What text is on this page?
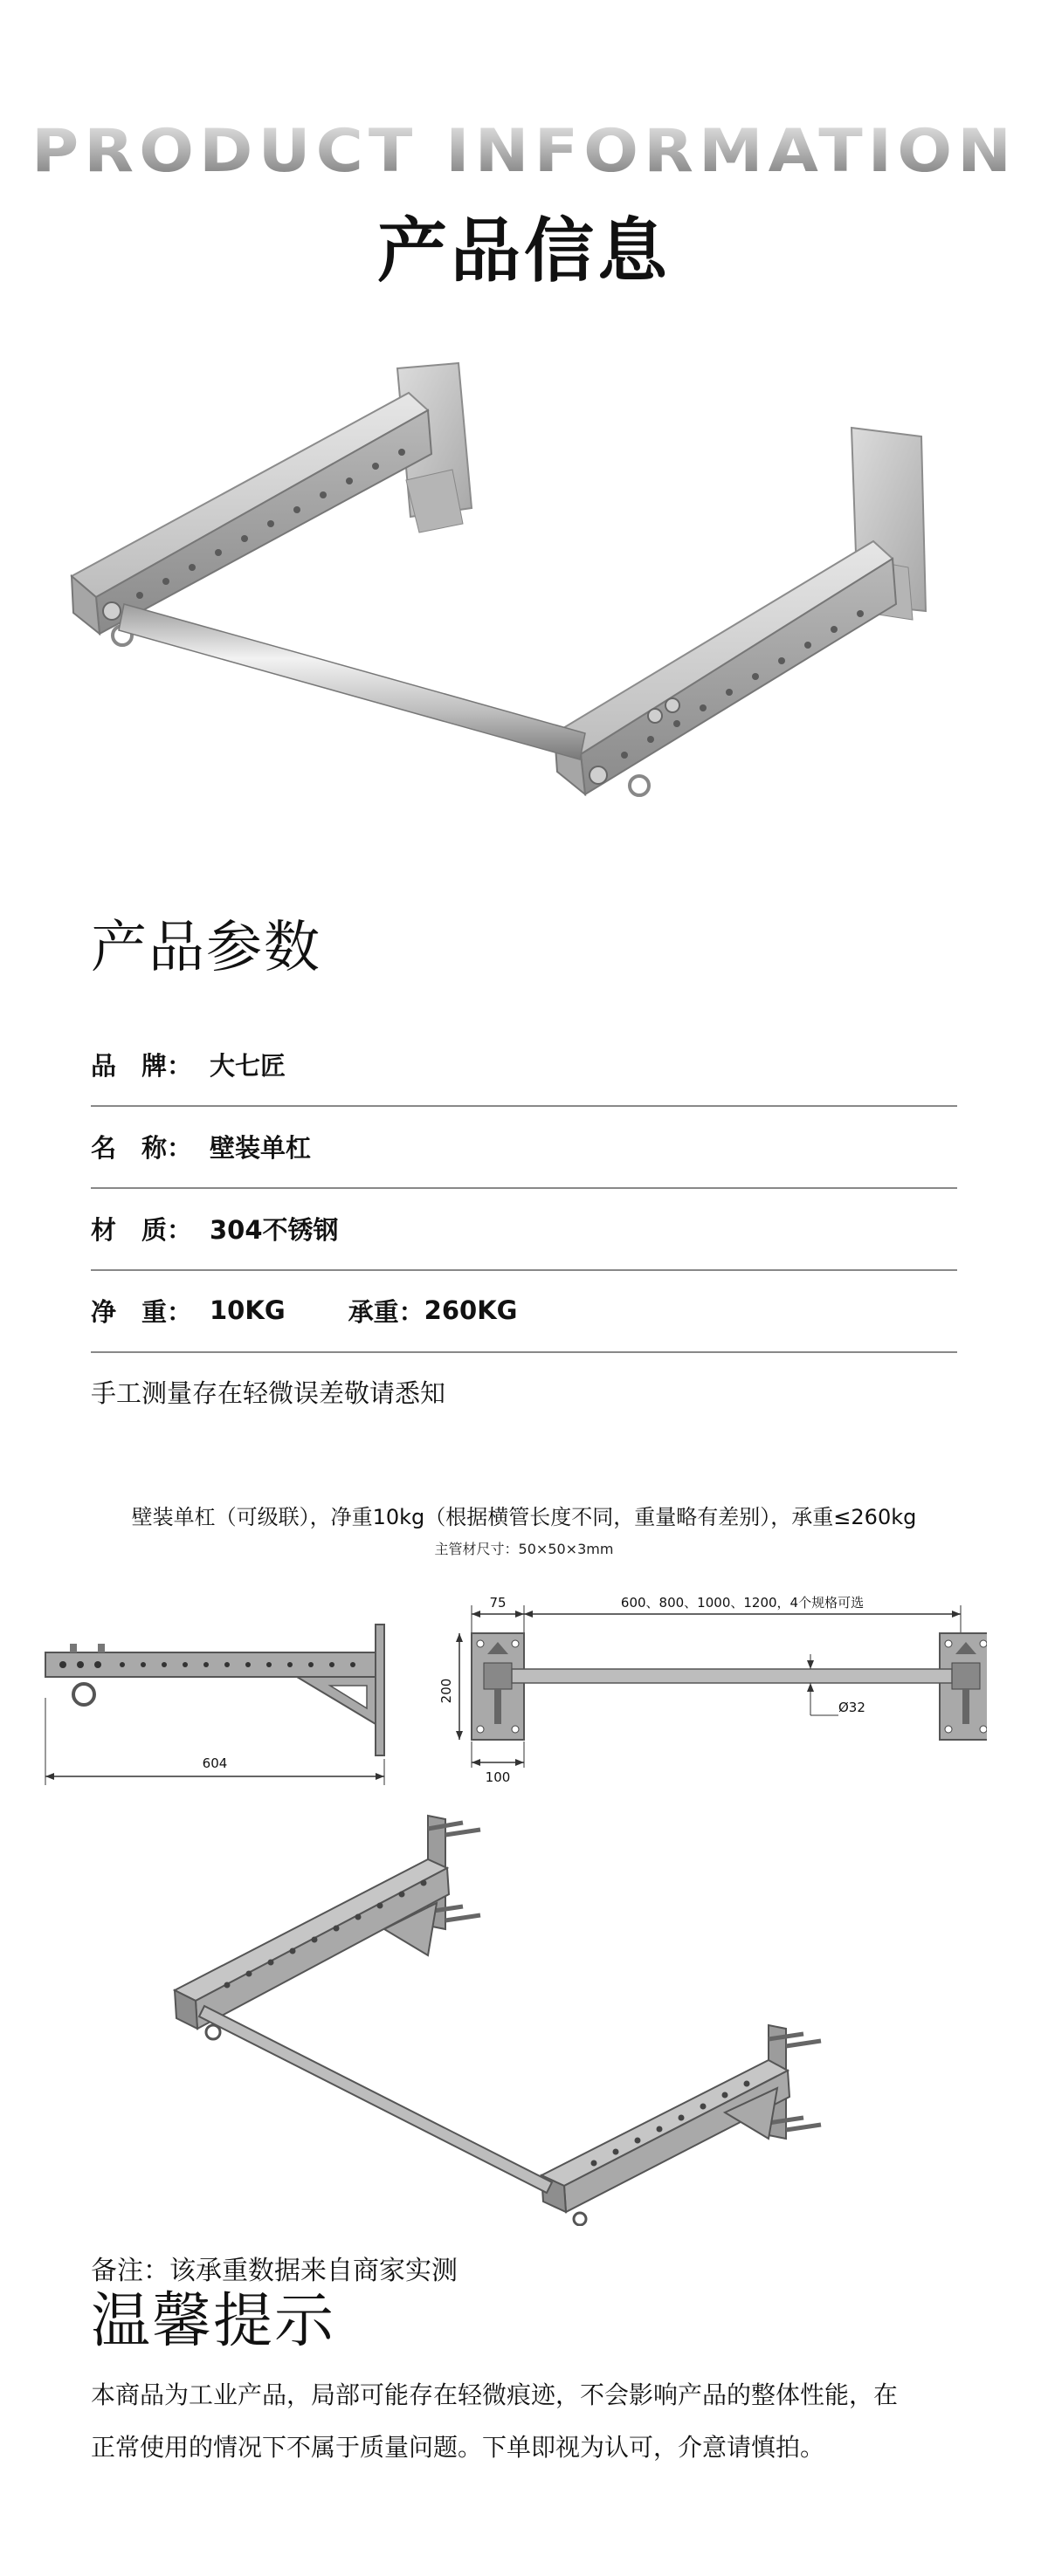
PRODUCT INFORMATION
产品信息
产品参数
品　牌： 大七匠
名　称： 壁装单杠
材　质： 304不锈钢
净　重： 10KG 承重： 260KG
手工测量存在轻微误差敬请悉知
壁装单杠（可级联），净重10kg（根据横管长度不同，重量略有差别），承重≤260kg
主管材尺寸：50×50×3mm
604
75	600、800、1000、1200，4个规格可选
200
100
Ø32
备注：该承重数据来自商家实测
温馨提示
本商品为工业产品，局部可能存在轻微痕迹，不会影响产品的整体性能，在
正常使用的情况下不属于质量问题。下单即视为认可，介意请慎拍。
